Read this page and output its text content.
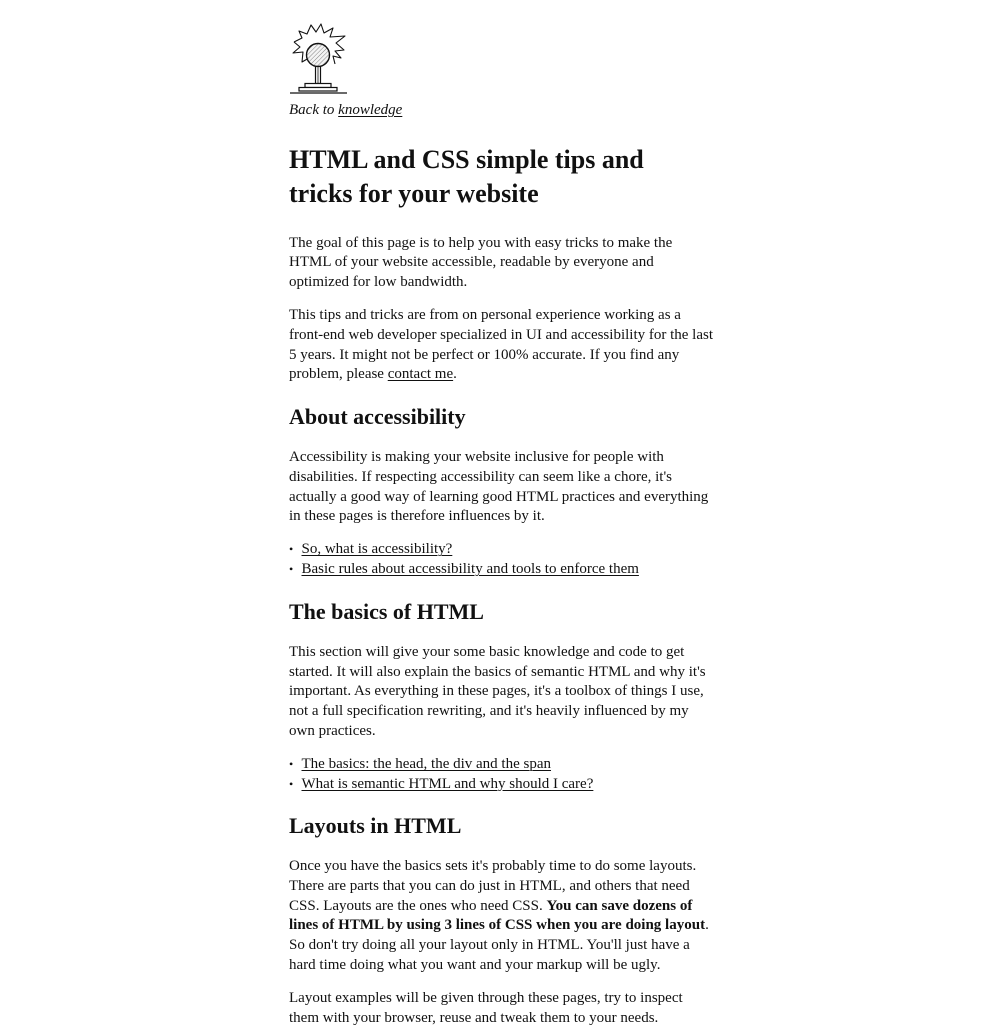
Back to knowledge

HTML and CSS simple tips and tricks for your website

The goal of this page is to help you with easy tricks to make the HTML of your website accessible, readable by everyone and optimized for low bandwidth.

This tips and tricks are from on personal experience working as a front-end web developer specialized in UI and accessibility for the last 5 years. It might not be perfect or 100% accurate. If you find any problem, please contact me.

About accessibility

Accessibility is making your website inclusive for people with disabilities. If respecting accessibility can seem like a chore, it's actually a good way of learning good HTML practices and everything in these pages is therefore influences by it.

• So, what is accessibility?
• Basic rules about accessibility and tools to enforce them
The basics of HTML

This section will give your some basic knowledge and code to get started. It will also explain the basics of semantic HTML and why it's important. As everything in these pages, it's a toolbox of things I use, not a full specification rewriting, and it's heavily influenced by my own practices.

• The basics: the head, the div and the span
• What is semantic HTML and why should I care?
Layouts in HTML

Once you have the basics sets it's probably time to do some layouts. There are parts that you can do just in HTML, and others that need CSS. Layouts are the ones who need CSS. You can save dozens of lines of HTML by using 3 lines of CSS when you are doing layout. So don't try doing all your layout only in HTML. You'll just have a hard time doing what you want and your markup will be ugly.

Layout examples will be given through these pages, try to inspect them with your browser, reuse and tweak them to your needs.
